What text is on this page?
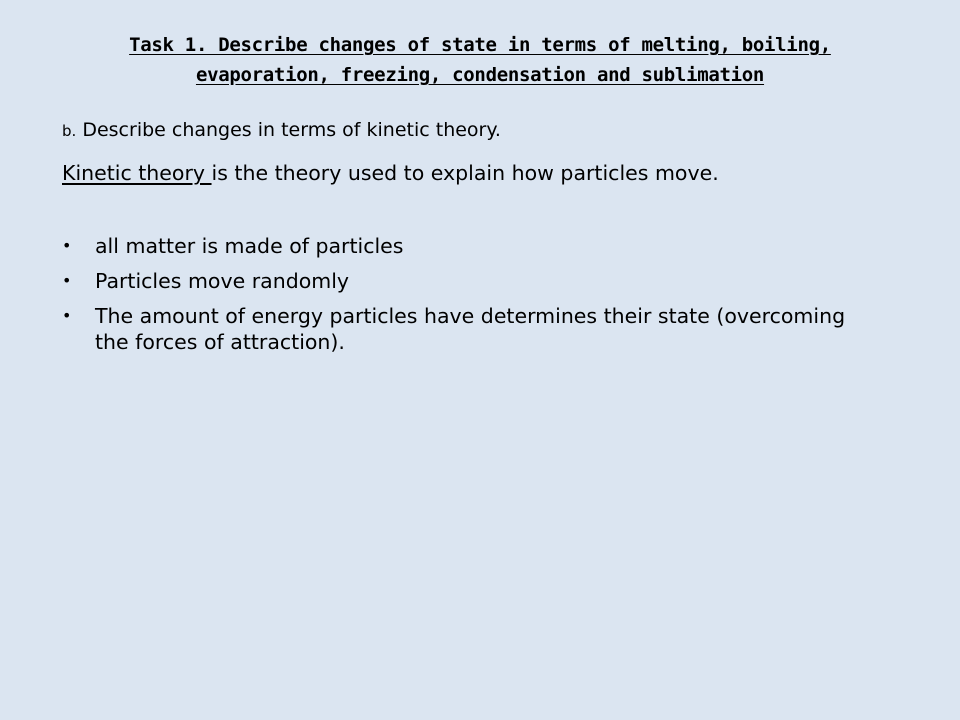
Task 1. Describe changes of state in terms of melting, boiling,
evaporation, freezing, condensation and sublimation
b. Describe changes in terms of kinetic theory.
Kinetic theory is the theory used to explain how particles move.
• all matter is made of particles
• Particles move randomly
• The amount of energy particles have determines their state (overcoming the forces of attraction).
